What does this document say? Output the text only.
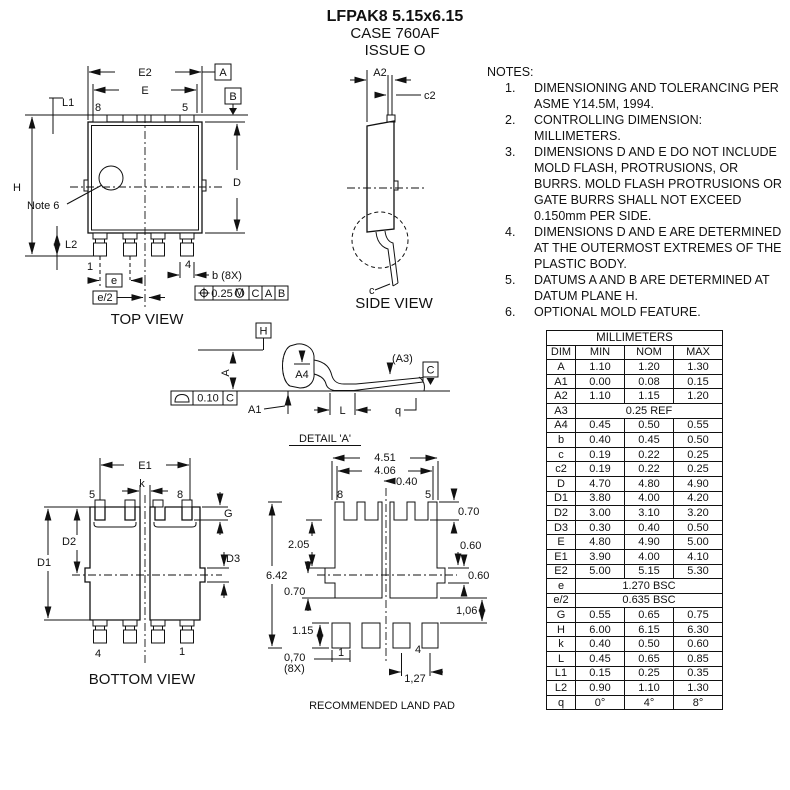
LFPAK8 5.15x6.15
CASE 760AF
ISSUE O
Note 6
E2	A
E	B
L1
H
L2
D
8	5
1	4
e
e/2
b (8X)
0.25 M C A B
TOP VIEW
A2
c2
c
SIDE VIEW
NOTES:
1.	DIMENSIONING AND TOLERANCING PER ASME Y14.5M, 1994.
2.	CONTROLLING DIMENSION: MILLIMETERS.
3.	DIMENSIONS D AND E DO NOT INCLUDE MOLD FLASH, PROTRUSIONS, OR BURRS. MOLD FLASH PROTRUSIONS OR GATE BURRS SHALL NOT EXCEED 0.150mm PER SIDE.
4.	DIMENSIONS D AND E ARE DETERMINED AT THE OUTERMOST EXTREMES OF THE PLASTIC BODY.
5.	DATUMS A AND B ARE DETERMINED AT DATUM PLANE H.
6.	OPTIONAL MOLD FEATURE.
H
A
0.10 C
A4
A1
(A3)
C
L	q
DETAIL 'A'
E1
k
5	8
4	1
G
D2
D1	D3
BOTTOM VIEW
4.51
4.06
0.40
8	5
0.70
2.05	0.60
6.42
0.70
0.60
1,06
1.15
0,70
(8X)
1	4
1,27
RECOMMENDED LAND PAD
MILLIMETERS			
DIM	MIN	NOM	MAX
A	1.10	1.20	1.30
A1	0.00	0.08	0.15
A2	1.10	1.15	1.20
A3	0.25 REF		
A4	0.45	0.50	0.55
b	0.40	0.45	0.50
c	0.19	0.22	0.25
c2	0.19	0.22	0.25
D	4.70	4.80	4.90
D1	3.80	4.00	4.20
D2	3.00	3.10	3.20
D3	0.30	0.40	0.50
E	4.80	4.90	5.00
E1	3.90	4.00	4.10
E2	5.00	5.15	5.30
e	1.270 BSC		
e/2	0.635 BSC		
G	0.55	0.65	0.75
H	6.00	6.15	6.30
k	0.40	0.50	0.60
L	0.45	0.65	0.85
L1	0.15	0.25	0.35
L2	0.90	1.10	1.30
q	0°	4°	8°
